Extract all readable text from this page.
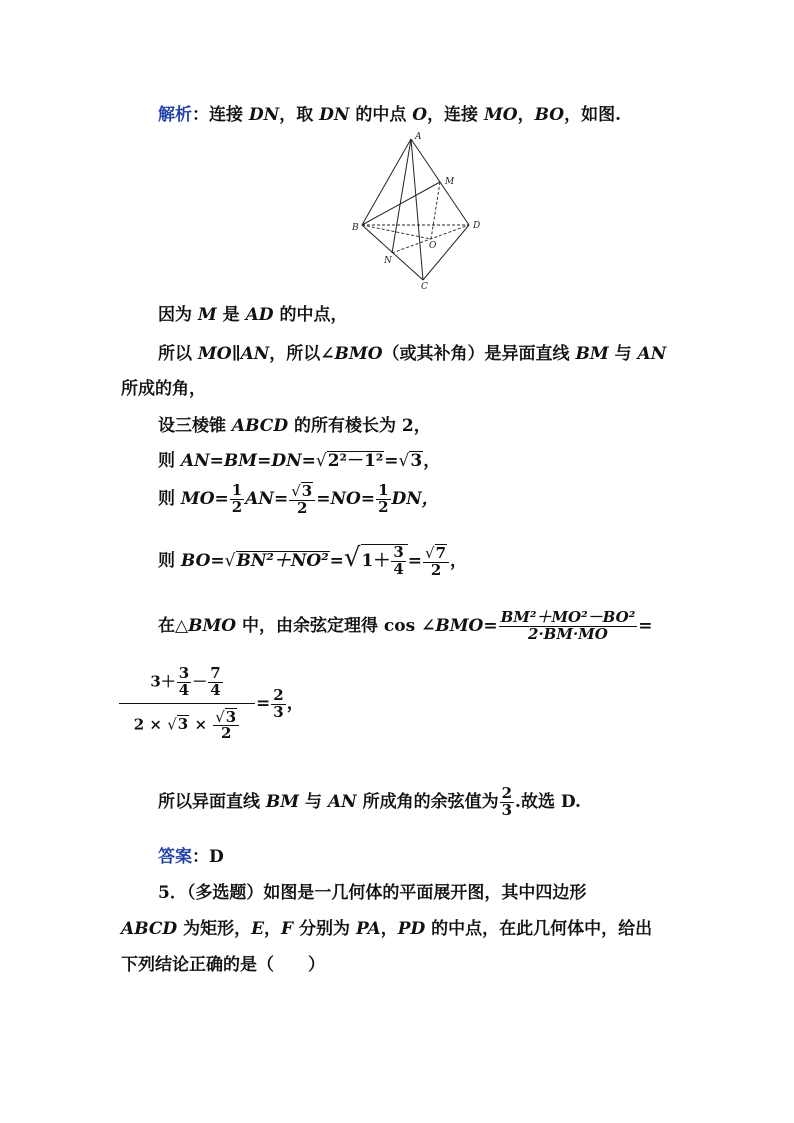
解析：连接 DN，取 DN 的中点 O，连接 MO，BO，如图.
A
M
B	D
O
N
C
因为 M 是 AD 的中点，
所以 MO∥AN，所以∠BMO（或其补角）是异面直线 BM 与 AN
所成的角，
设三棱锥 ABCD 的所有棱长为 2，
则 AN=BM=DN=√2²－1²=√3，
则 $MO= \frac{1}{2} AN= \frac{√3}{2} =NO= \frac{1}{2}$ DN，
则 $BO=√BN^2+NO^2=√1+ \frac{3}{4} = \frac{√7}{2}$ ，
在△BMO 中，由余弦定理得 cos ∠BMO= $\frac{\text{BM²＋MO²－BO²}}{2\cdot BM\cdot MO}$ =
$\frac{3+ \frac{3}{4} - \frac{7}{4}}{2 \times √3 \times \frac{√3}{2}} = \frac{2}{3}$ ，
所以异面直线 BM 与 AN 所成角的余弦值为 $\frac{2}{3}$ .故选 D.
答案：D
5．（多选题）如图是一几何体的平面展开图，其中四边形
ABCD 为矩形，E，F 分别为 PA，PD 的中点，在此几何体中，给出
下列结论正确的是（　　）
